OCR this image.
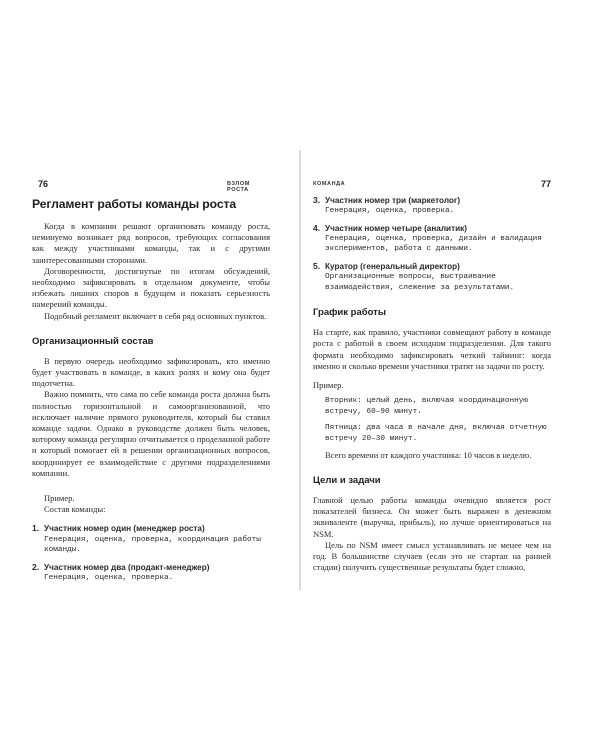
76	ВЗЛОМ РОСТА
Регламент работы команды роста

Когда в компании решают организовать команду роста, неминуемо возникает ряд вопросов, требующих согласования как между участниками команды, так и с другими заинтересованными сторонами.

Договоренности, достигнутые по итогам обсуждений, необходимо зафиксировать в отдельном документе, чтобы избежать лишних споров в будущем и показать серьезность намерений команды.

Подобный регламент включает в себя ряд основных пунктов.

Организационный состав

В первую очередь необходимо зафиксировать, кто именно будет участвовать в команде, в каких ролях и кому она будет подотчетна.

Важно помнить, что сама по себе команда роста должна быть полностью горизонтальной и самоорганизованной, что исключает наличие прямого руководителя, который бы ставил команде задачи. Однако в руководстве должен быть человек, которому команда регулярно отчитывается о проделанной работе и который помогает ей в решении организационных вопросов, координирует ее взаимодействие с другими подразделениями компании.

Пример.

Состав команды:

1. Участник номер один (менеджер роста)
Генерация, оценка, проверка, координация работы команды.
2. Участник номер два (продакт-менеджер)
Генерация, оценка, проверка.
КОМАНДА	77
3. Участник номер три (маркетолог)
Генерация, оценка, проверка.
4. Участник номер четыре (аналитик)
Генерация, оценка, проверка, дизайн и валидация экспериментов, работа с данными.
5. Куратор (генеральный директор)
Организационные вопросы, выстраивание взаимодействия, слежение за результатами.
График работы

На старте, как правило, участники совмещают работу в команде роста с работой в своем исходном подразделении. Для такого формата необходимо зафиксировать четкий тайминг: когда именно и сколько времени участники тратят на задачи по росту.

Пример.

Вторник: целый день, включая координационную встречу, 60–90 минут.

Пятница: два часа в начале дня, включая отчетную встречу 20–30 минут.

Всего времени от каждого участника: 10 часов в неделю.

Цели и задачи

Главной целью работы команды очевидно является рост показателей бизнеса. Он может быть выражен в денежном эквиваленте (выручка, прибыль), но лучше ориентироваться на NSM.

Цель по NSM имеет смысл устанавливать не менее чем на год. В большинстве случаев (если это не стартап на ранней стадии) получить существенные результаты будет сложно,
